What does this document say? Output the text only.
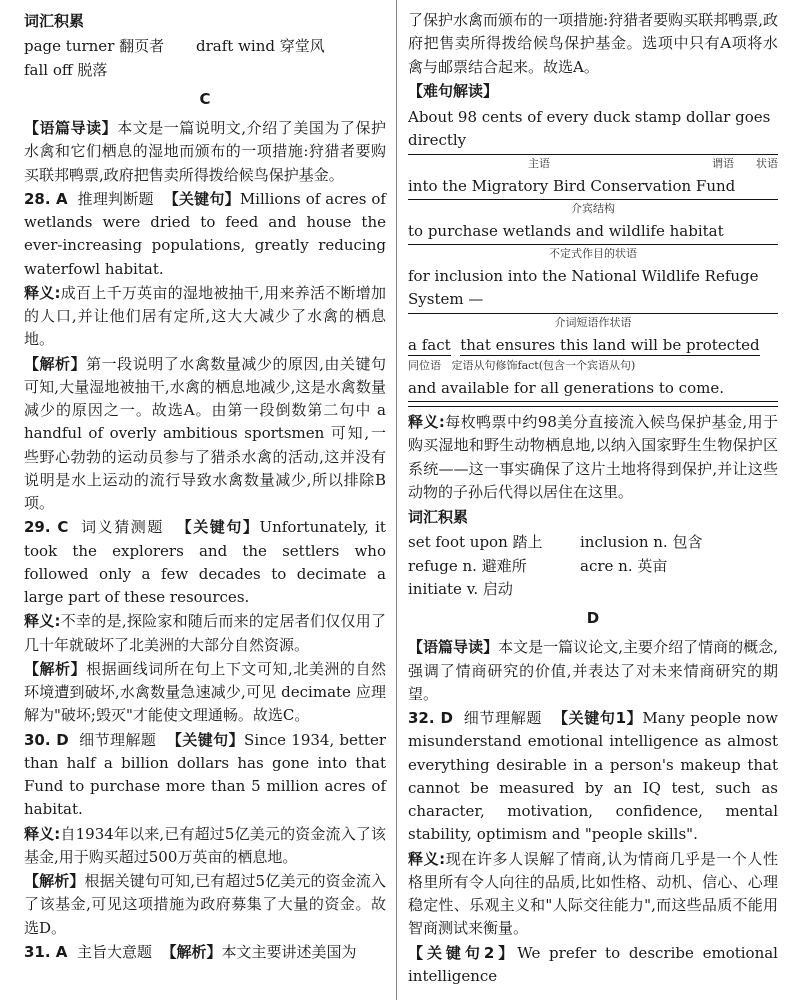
词汇积累

page turner 翻页者	draft wind 穿堂风
fall off 脱落

C

【语篇导读】本文是一篇说明文,介绍了美国为了保护水禽和它们栖息的湿地而颁布的一项措施:狩猎者要购买联邦鸭票,政府把售卖所得拨给候鸟保护基金。

28. A 推理判断题 【关键句】Millions of acres of wetlands were dried to feed and house the ever-increasing populations, greatly reducing waterfowl habitat.

释义:成百上千万英亩的湿地被抽干,用来养活不断增加的人口,并让他们居有定所,这大大减少了水禽的栖息地。

【解析】第一段说明了水禽数量减少的原因,由关键句可知,大量湿地被抽干,水禽的栖息地减少,这是水禽数量减少的原因之一。故选A。由第一段倒数第二句中 a handful of overly ambitious sportsmen 可知,一些野心勃勃的运动员参与了猎杀水禽的活动,这并没有说明是水上运动的流行导致水禽数量减少,所以排除B项。

29. C 词义猜测题 【关键句】Unfortunately, it took the explorers and the settlers who followed only a few decades to decimate a large part of these resources.

释义:不幸的是,探险家和随后而来的定居者们仅仅用了几十年就破坏了北美洲的大部分自然资源。

【解析】根据画线词所在句上下文可知,北美洲的自然环境遭到破坏,水禽数量急速减少,可见 decimate 应理解为"破坏;毁灭"才能使文理通畅。故选C。

30. D 细节理解题 【关键句】Since 1934, better than half a billion dollars has gone into that Fund to purchase more than 5 million acres of habitat.

释义:自1934年以来,已有超过5亿美元的资金流入了该基金,用于购买超过500万英亩的栖息地。

【解析】根据关键句可知,已有超过5亿美元的资金流入了该基金,可见这项措施为政府募集了大量的资金。故选D。

31. A 主旨大意题 【解析】本文主要讲述美国为

了保护水禽而颁布的一项措施:狩猎者要购买联邦鸭票,政府把售卖所得拨给候鸟保护基金。选项中只有A项将水禽与邮票结合起来。故选A。

【难句解读】

About 98 cents of every duck stamp dollar goes directly

主语	谓语 状语

into the Migratory Bird Conservation Fund

介宾结构

to purchase wetlands and wildlife habitat

不定式作目的状语

for inclusion into the National Wildlife Refuge System —

介词短语作状语

a fact that ensures this land will be protected

同位语 定语从句修饰fact(包含一个宾语从句)

and available for all generations to come.

释义:每枚鸭票中约98美分直接流入候鸟保护基金,用于购买湿地和野生动物栖息地,以纳入国家野生生物保护区系统——这一事实确保了这片土地将得到保护,并让这些动物的子孙后代得以居住在这里。

词汇积累

set foot upon 踏上	inclusion n. 包含
refuge n. 避难所	acre n. 英亩
initiate v. 启动

D

【语篇导读】本文是一篇议论文,主要介绍了情商的概念,强调了情商研究的价值,并表达了对未来情商研究的期望。

32. D 细节理解题 【关键句1】Many people now misunderstand emotional intelligence as almost everything desirable in a person's makeup that cannot be measured by an IQ test, such as character, motivation, confidence, mental stability, optimism and "people skills".

释义:现在许多人误解了情商,认为情商几乎是一个人性格里所有令人向往的品质,比如性格、动机、信心、心理稳定性、乐观主义和"人际交往能力",而这些品质不能用智商测试来衡量。

【关键句2】We prefer to describe emotional intelligence
